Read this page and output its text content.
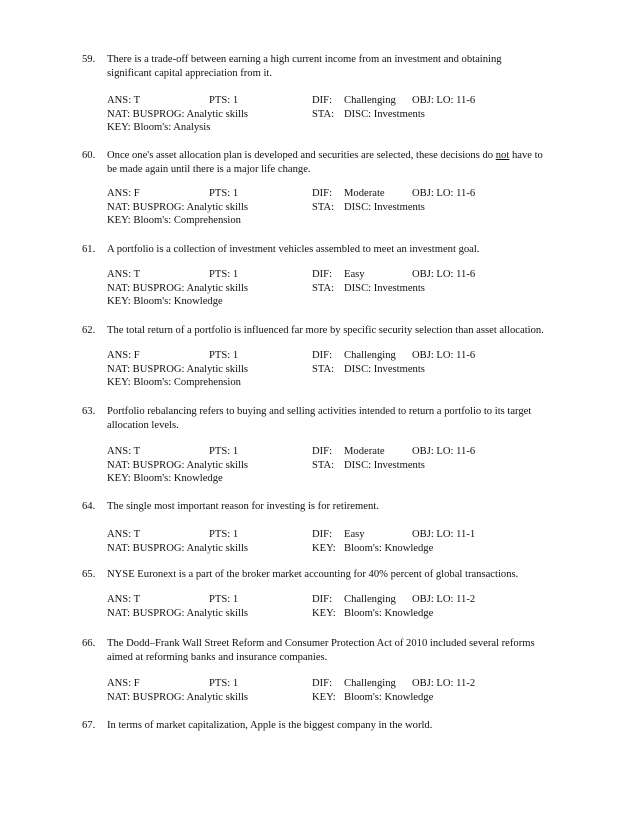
59. There is a trade-off between earning a high current income from an investment and obtaining
significant capital appreciation from it.
ANS: T	PTS: 1	DIF: Challenging OBJ: LO: 11-6
NAT: BUSPROG: Analytic skills	STA: DISC: Investments
KEY: Bloom's: Analysis
60. Once one's asset allocation plan is developed and securities are selected, these decisions do not have to
be made again until there is a major life change.
ANS: F	PTS: 1	DIF: Moderate	OBJ: LO: 11-6
NAT: BUSPROG: Analytic skills	STA: DISC: Investments
KEY: Bloom's: Comprehension
61. A portfolio is a collection of investment vehicles assembled to meet an investment goal.
ANS: T	PTS: 1	DIF: Easy	OBJ: LO: 11-6
NAT: BUSPROG: Analytic skills	STA: DISC: Investments
KEY: Bloom's: Knowledge
62. The total return of a portfolio is influenced far more by specific security selection than asset allocation.
ANS: F	PTS: 1	DIF: Challenging OBJ: LO: 11-6
NAT: BUSPROG: Analytic skills	STA: DISC: Investments
KEY: Bloom's: Comprehension
63. Portfolio rebalancing refers to buying and selling activities intended to return a portfolio to its target
allocation levels.
ANS: T	PTS: 1	DIF: Moderate	OBJ: LO: 11-6
NAT: BUSPROG: Analytic skills	STA: DISC: Investments
KEY: Bloom's: Knowledge
64. The single most important reason for investing is for retirement.
ANS: T	PTS: 1	DIF: Easy	OBJ: LO: 11-1
NAT: BUSPROG: Analytic skills	KEY: Bloom's: Knowledge
65. NYSE Euronext is a part of the broker market accounting for 40% percent of global transactions.
ANS: T	PTS: 1	DIF: Challenging OBJ: LO: 11-2
NAT: BUSPROG: Analytic skills	KEY: Bloom's: Knowledge
66. The Dodd–Frank Wall Street Reform and Consumer Protection Act of 2010 included several reforms
aimed at reforming banks and insurance companies.
ANS: F	PTS: 1	DIF: Challenging OBJ: LO: 11-2
NAT: BUSPROG: Analytic skills	KEY: Bloom's: Knowledge
67. In terms of market capitalization, Apple is the biggest company in the world.
